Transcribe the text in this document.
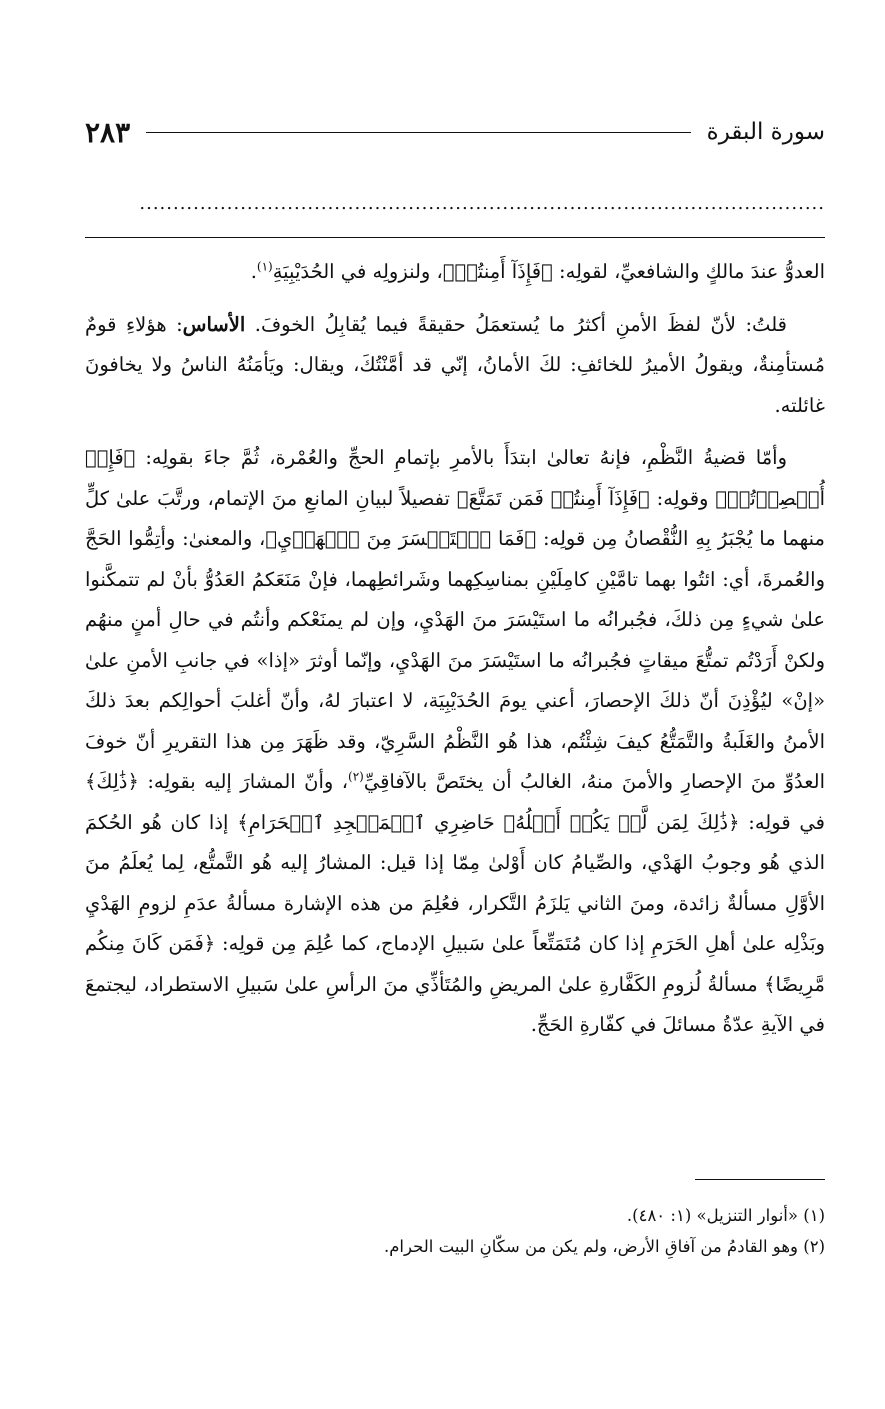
سورة البقرة
٢٨٣
......................................................................................................

العدوُّ عندَ مالكٍ والشافعيِّ، لقولِه: ﴿فَإِذَآ أَمِنتُمۡ﴾، ولنزولِه في الحُدَيْبِيَةِ$^{(١)}$.

قلتُ: لأنّ لفظَ الأمنِ أكثرُ ما يُستعمَلُ حقيقةً فيما يُقابِلُ الخوفَ. الأساس: هؤلاءِ قومٌ مُستأمِنةٌ، ويقولُ الأميرُ للخائفِ: لكَ الأمانُ، إنّي قد أمَّنْتُكَ، ويقال: ويَأمَنُهُ الناسُ ولا يخافونَ غائلته.

وأمّا قضيةُ النَّظْمِ، فإنهُ تعالىٰ ابتدَأَ بالأمرِ بإتمامِ الحجِّ والعُمْرة، ثُمَّ جاءَ بقولِه: ﴿فَإِنۡ أُحۡصِرۡتُمۡ﴾ وقولِه: ﴿فَإِذَآ أَمِنتُمۡ فَمَن تَمَتَّعَ﴾ تفصيلاً لبيانِ المانعِ منَ الإتمام، ورتَّبَ علىٰ كلٍّ منهما ما يُجْبَرُ بِهِ النُّقْصانُ مِن قولِه: ﴿فَمَا ٱسۡتَيۡسَرَ مِنَ ٱلۡهَدۡيِ﴾، والمعنىٰ: وأتِمُّوا الحَجَّ والعُمرةَ، أي: ائتُوا بهما تامَّيْنِ كامِلَيْنِ بمناسِكِهما وشَرائطِهما، فإنْ مَنَعَكمُ العَدُوُّ بأنْ لم تتمكَّنوا علىٰ شيءٍ مِن ذلكَ، فجُبرانُه ما استَيْسَرَ منَ الهَدْيِ، وإن لم يمنَعْكم وأنتُم في حالِ أمنٍ منهُم ولكنْ أَرَدْتُم تمتُّعَ ميقاتٍ فجُبرانُه ما استَيْسَرَ منَ الهَدْيِ، وإنّما أوثرَ «إذا» في جانبِ الأمنِ علىٰ «إنْ» ليُؤْذِنَ أنّ ذلكَ الإحصارَ، أعني يومَ الحُدَيْبِيَة، لا اعتبارَ لهُ، وأنّ أغلبَ أحوالِكم بعدَ ذلكَ الأمنُ والغَلَبةُ والتَّمَتُّعُ كيفَ شِئْتُم، هذا هُو النَّظْمُ السَّرِيّ، وقد ظَهَرَ مِن هذا التقريرِ أنّ خوفَ العدُوِّ منَ الإحصارِ والأمنَ منهُ، الغالبُ أن يختَصَّ بالآفاقِيِّ$^{(٢)}$، وأنّ المشارَ إليه بقولِه: ﴿ذَٰلِكَ﴾ في قولِه: ﴿ذَٰلِكَ لِمَن لَّمۡ يَكُنۡ أَهۡلُهُۥ حَاضِرِي ٱلۡمَسۡجِدِ ٱلۡحَرَامِ﴾ إذا كان هُو الحُكمَ الذي هُو وجوبُ الهَدْي، والصِّيامُ كان أَوْلىٰ مِمّا إذا قيل: المشارُ إليه هُو التَّمتُّع، لِما يُعلَمُ منَ الأوَّلِ مسألةٌ زائدة، ومنَ الثاني يَلزَمُ التَّكرار، فعُلِمَ من هذه الإشارة مسألةُ عدَمِ لزومِ الهَدْيِ وبَذْلِه علىٰ أهلِ الحَرَمِ إذا كان مُتَمَتِّعاً علىٰ سَبيلِ الإدماج، كما عُلِمَ مِن قولِه: ﴿فَمَن كَانَ مِنكُم مَّرِيضًا﴾ مسألةُ لُزومِ الكَفَّارةِ علىٰ المريضِ والمُتَأذِّي منَ الرأسِ علىٰ سَبيلِ الاستطراد، ليجتمعَ في الآيةِ عدّةُ مسائلَ في كفّارةِ الحَجِّ.

(١) «أنوار التنزيل» (١: ٤٨٠).
(٢) وهو القادمُ من آفاقِ الأرض، ولم يكن من سكّانِ البيت الحرام.
